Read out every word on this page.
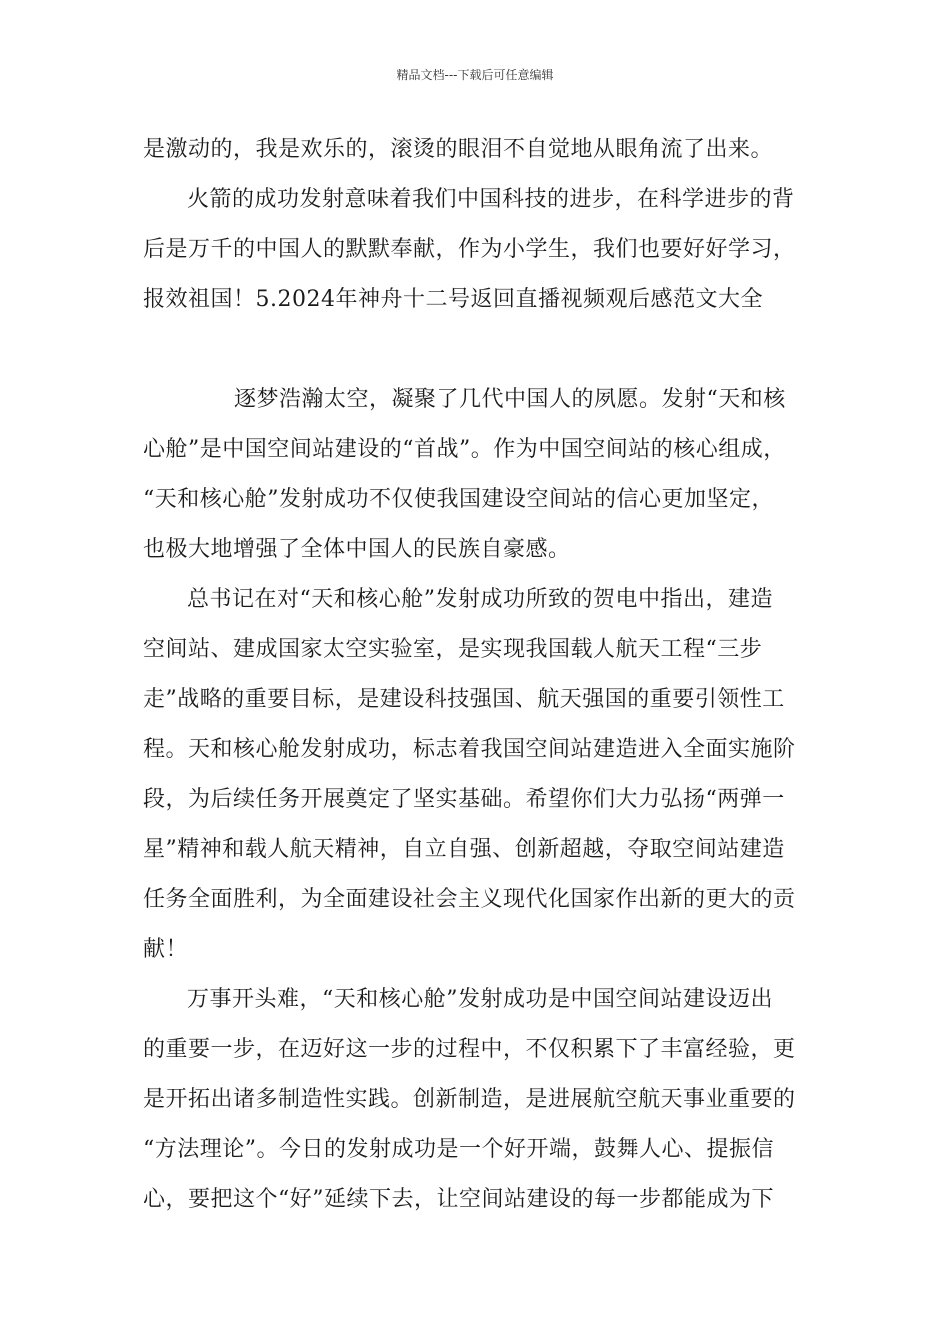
精品文档---下载后可任意编辑
是激动的，我是欢乐的，滚烫的眼泪不自觉地从眼角流了出来。
火箭的成功发射意味着我们中国科技的进步，在科学进步的背
后是万千的中国人的默默奉献，作为小学生，我们也要好好学习，
报效祖国！5.2024年神舟十二号返回直播视频观后感范文大全
逐梦浩瀚太空，凝聚了几代中国人的夙愿。发射“天和核
心舱”是中国空间站建设的“首战”。作为中国空间站的核心组成，
“天和核心舱”发射成功不仅使我国建设空间站的信心更加坚定，
也极大地增强了全体中国人的民族自豪感。
总书记在对“天和核心舱”发射成功所致的贺电中指出，建造
空间站、建成国家太空实验室，是实现我国载人航天工程“三步
走”战略的重要目标，是建设科技强国、航天强国的重要引领性工
程。天和核心舱发射成功，标志着我国空间站建造进入全面实施阶
段，为后续任务开展奠定了坚实基础。希望你们大力弘扬“两弹一
星”精神和载人航天精神，自立自强、创新超越，夺取空间站建造
任务全面胜利，为全面建设社会主义现代化国家作出新的更大的贡
献！
万事开头难，“天和核心舱”发射成功是中国空间站建设迈出
的重要一步，在迈好这一步的过程中，不仅积累下了丰富经验，更
是开拓出诸多制造性实践。创新制造，是进展航空航天事业重要的
“方法理论”。今日的发射成功是一个好开端，鼓舞人心、提振信
心，要把这个“好”延续下去，让空间站建设的每一步都能成为下
